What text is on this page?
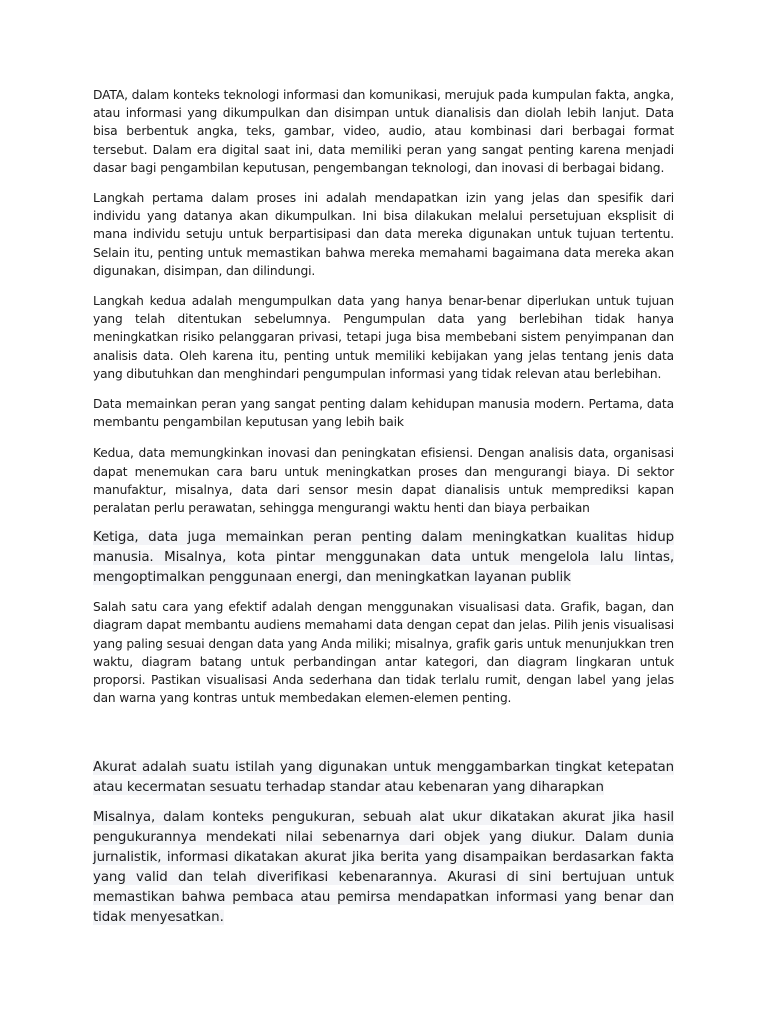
DATA, dalam konteks teknologi informasi dan komunikasi, merujuk pada kumpulan fakta, angka, atau informasi yang dikumpulkan dan disimpan untuk dianalisis dan diolah lebih lanjut. Data bisa berbentuk angka, teks, gambar, video, audio, atau kombinasi dari berbagai format tersebut. Dalam era digital saat ini, data memiliki peran yang sangat penting karena menjadi dasar bagi pengambilan keputusan, pengembangan teknologi, dan inovasi di berbagai bidang.

Langkah pertama dalam proses ini adalah mendapatkan izin yang jelas dan spesifik dari individu yang datanya akan dikumpulkan. Ini bisa dilakukan melalui persetujuan eksplisit di mana individu setuju untuk berpartisipasi dan data mereka digunakan untuk tujuan tertentu. Selain itu, penting untuk memastikan bahwa mereka memahami bagaimana data mereka akan digunakan, disimpan, dan dilindungi.

Langkah kedua adalah mengumpulkan data yang hanya benar-benar diperlukan untuk tujuan yang telah ditentukan sebelumnya. Pengumpulan data yang berlebihan tidak hanya meningkatkan risiko pelanggaran privasi, tetapi juga bisa membebani sistem penyimpanan dan analisis data. Oleh karena itu, penting untuk memiliki kebijakan yang jelas tentang jenis data yang dibutuhkan dan menghindari pengumpulan informasi yang tidak relevan atau berlebihan.

Data memainkan peran yang sangat penting dalam kehidupan manusia modern. Pertama, data membantu pengambilan keputusan yang lebih baik

Kedua, data memungkinkan inovasi dan peningkatan efisiensi. Dengan analisis data, organisasi dapat menemukan cara baru untuk meningkatkan proses dan mengurangi biaya. Di sektor manufaktur, misalnya, data dari sensor mesin dapat dianalisis untuk memprediksi kapan peralatan perlu perawatan, sehingga mengurangi waktu henti dan biaya perbaikan

Ketiga, data juga memainkan peran penting dalam meningkatkan kualitas hidup manusia. Misalnya, kota pintar menggunakan data untuk mengelola lalu lintas, mengoptimalkan penggunaan energi, dan meningkatkan layanan publik

Salah satu cara yang efektif adalah dengan menggunakan visualisasi data. Grafik, bagan, dan diagram dapat membantu audiens memahami data dengan cepat dan jelas. Pilih jenis visualisasi yang paling sesuai dengan data yang Anda miliki; misalnya, grafik garis untuk menunjukkan tren waktu, diagram batang untuk perbandingan antar kategori, dan diagram lingkaran untuk proporsi. Pastikan visualisasi Anda sederhana dan tidak terlalu rumit, dengan label yang jelas dan warna yang kontras untuk membedakan elemen-elemen penting.

Akurat adalah suatu istilah yang digunakan untuk menggambarkan tingkat ketepatan atau kecermatan sesuatu terhadap standar atau kebenaran yang diharapkan

Misalnya, dalam konteks pengukuran, sebuah alat ukur dikatakan akurat jika hasil pengukurannya mendekati nilai sebenarnya dari objek yang diukur. Dalam dunia jurnalistik, informasi dikatakan akurat jika berita yang disampaikan berdasarkan fakta yang valid dan telah diverifikasi kebenarannya. Akurasi di sini bertujuan untuk memastikan bahwa pembaca atau pemirsa mendapatkan informasi yang benar dan tidak menyesatkan.
